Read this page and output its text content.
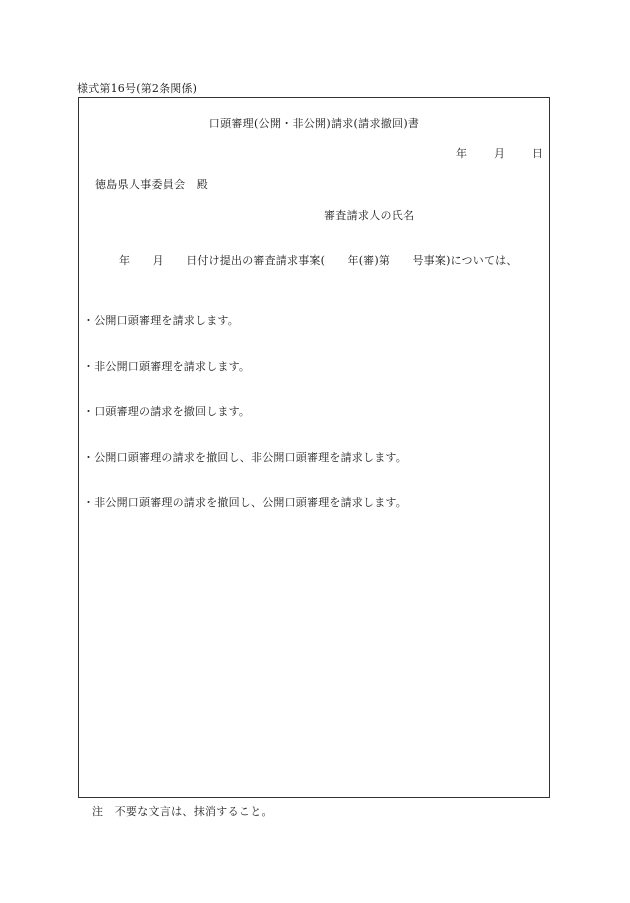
様式第16号(第2条関係)
口頭審理(公開・非公開)請求(請求撤回)書
年	月	日
徳島県人事委員会　殿
審査請求人の氏名
年　　月　　日付け提出の審査請求事案(　　年(審)第　　号事案)については、
・公開口頭審理を請求します。
・非公開口頭審理を請求します。
・口頭審理の請求を撤回します。
・公開口頭審理の請求を撤回し、非公開口頭審理を請求します。
・非公開口頭審理の請求を撤回し、公開口頭審理を請求します。
注　不要な文言は、抹消すること。
